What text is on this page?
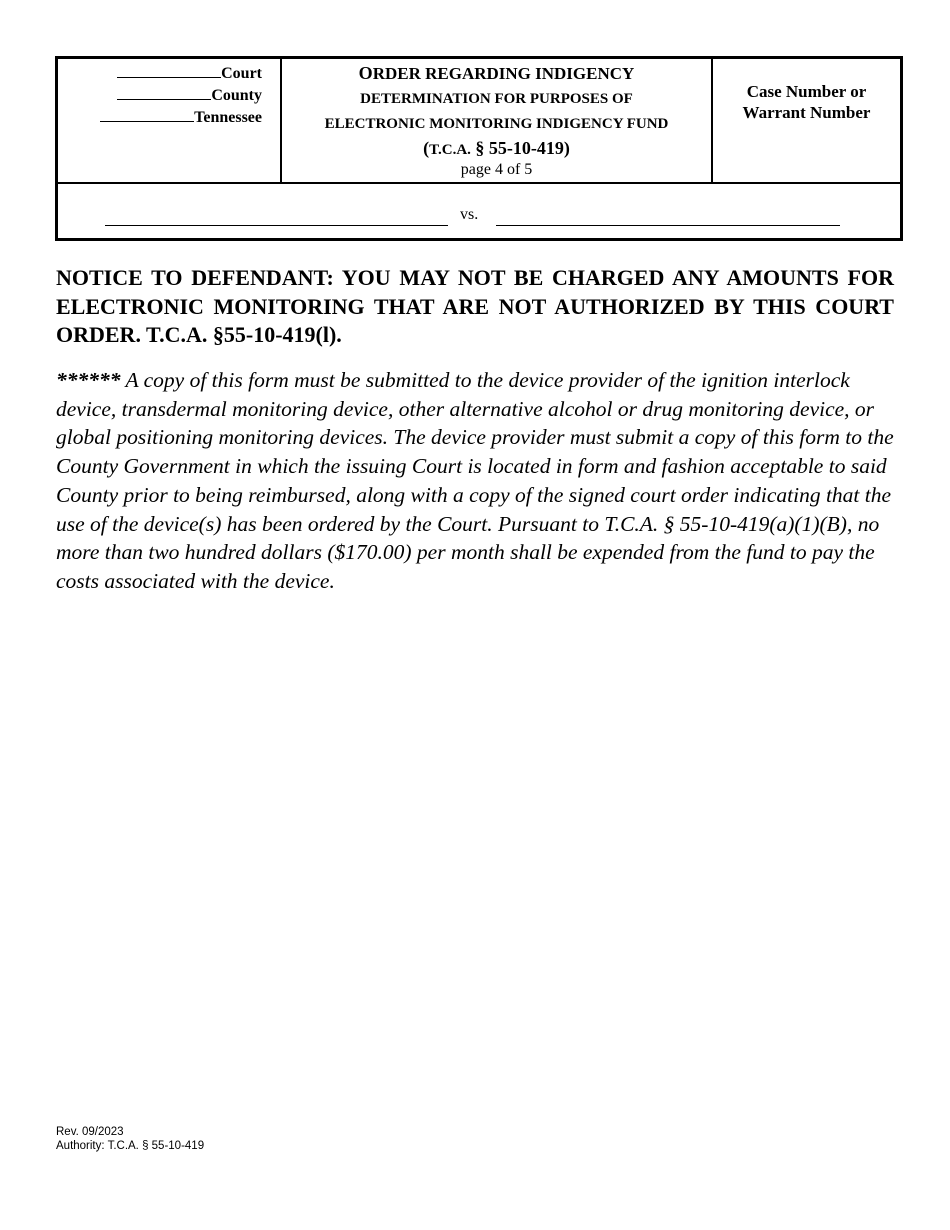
Court
County
Tennessee
ORDER REGARDING INDIGENCY
DETERMINATION FOR PURPOSES OF
ELECTRONIC MONITORING INDIGENCY FUND
(T.C.A. § 55-10-419)
page 4 of 5
Case Number or
Warrant Number
vs.
NOTICE TO DEFENDANT: YOU MAY NOT BE CHARGED ANY AMOUNTS FOR ELECTRONIC MONITORING THAT ARE NOT AUTHORIZED BY THIS COURT ORDER. T.C.A. §55-10-419(l).
****** A copy of this form must be submitted to the device provider of the ignition interlock device, transdermal monitoring device, other alternative alcohol or drug monitoring device, or global positioning monitoring devices. The device provider must submit a copy of this form to the County Government in which the issuing Court is located in form and fashion acceptable to said County prior to being reimbursed, along with a copy of the signed court order indicating that the use of the device(s) has been ordered by the Court. Pursuant to T.C.A. § 55-10-419(a)(1)(B), no more than two hundred dollars ($170.00) per month shall be expended from the fund to pay the costs associated with the device.
Rev. 09/2023
Authority: T.C.A. § 55-10-419
